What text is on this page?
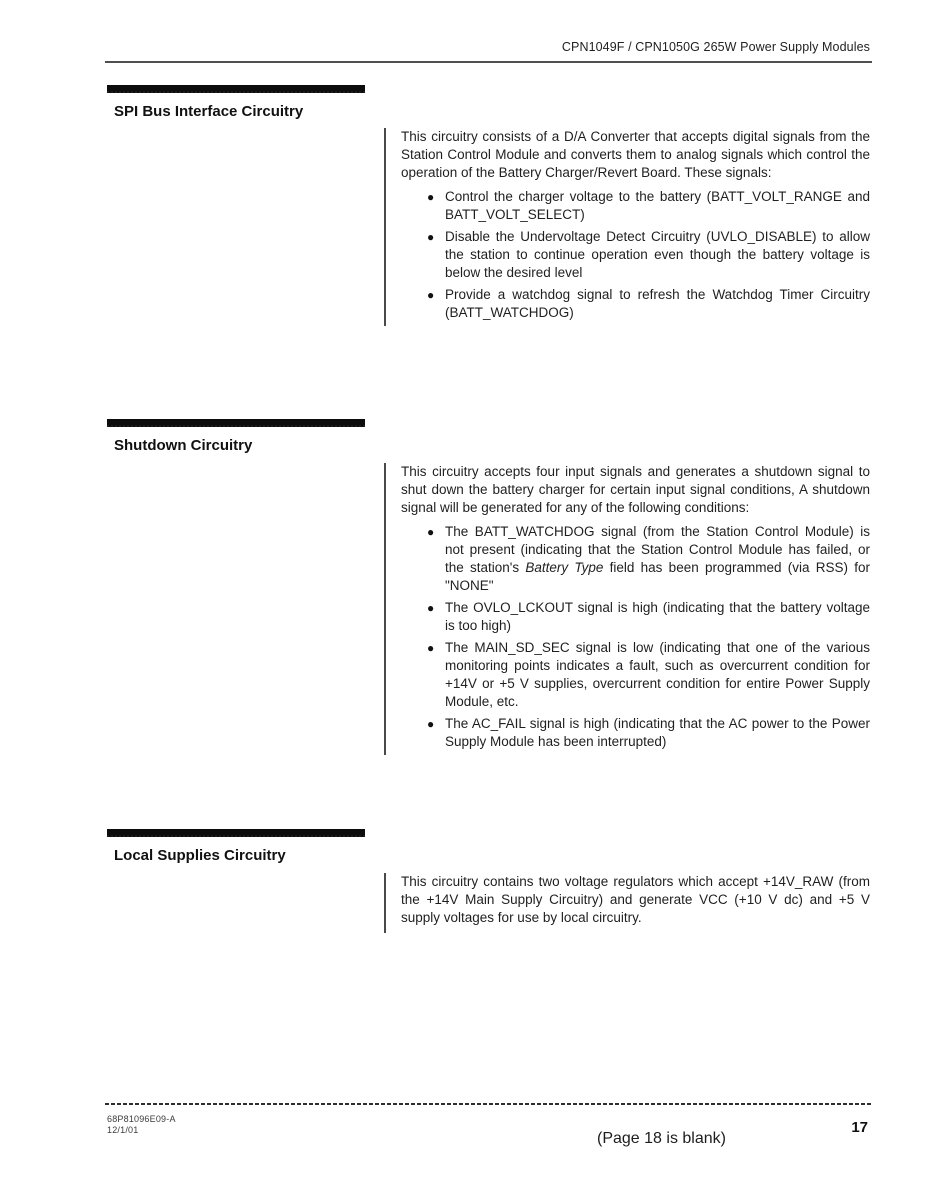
CPN1049F / CPN1050G 265W Power Supply Modules
SPI Bus Interface Circuitry

This circuitry consists of a D/A Converter that accepts digital signals from the Station Control Module and converts them to analog signals which control the operation of the Battery Charger/Revert Board. These signals:

● Control the charger voltage to the battery (BATT_VOLT_RANGE and BATT_VOLT_SELECT)
● Disable the Undervoltage Detect Circuitry (UVLO_DISABLE) to allow the station to continue operation even though the battery voltage is below the desired level
● Provide a watchdog signal to refresh the Watchdog Timer Circuitry (BATT_WATCHDOG)
Shutdown Circuitry

This circuitry accepts four input signals and generates a shutdown signal to shut down the battery charger for certain input signal conditions, A shutdown signal will be generated for any of the following conditions:

● The BATT_WATCHDOG signal (from the Station Control Module) is not present (indicating that the Station Control Module has failed, or the station's Battery Type field has been programmed (via RSS) for "NONE"
● The OVLO_LCKOUT signal is high (indicating that the battery voltage is too high)
● The MAIN_SD_SEC signal is low (indicating that one of the various monitoring points indicates a fault, such as overcurrent condition for +14V or +5 V supplies, overcurrent condition for entire Power Supply Module, etc.
● The AC_FAIL signal is high (indicating that the AC power to the Power Supply Module has been interrupted)
Local Supplies Circuitry

This circuitry contains two voltage regulators which accept +14V_RAW (from the +14V Main Supply Circuitry) and generate VCC (+10 V dc) and +5 V supply voltages for use by local circuitry.

68P81096E09-A
12/1/01	(Page 18 is blank)
17
